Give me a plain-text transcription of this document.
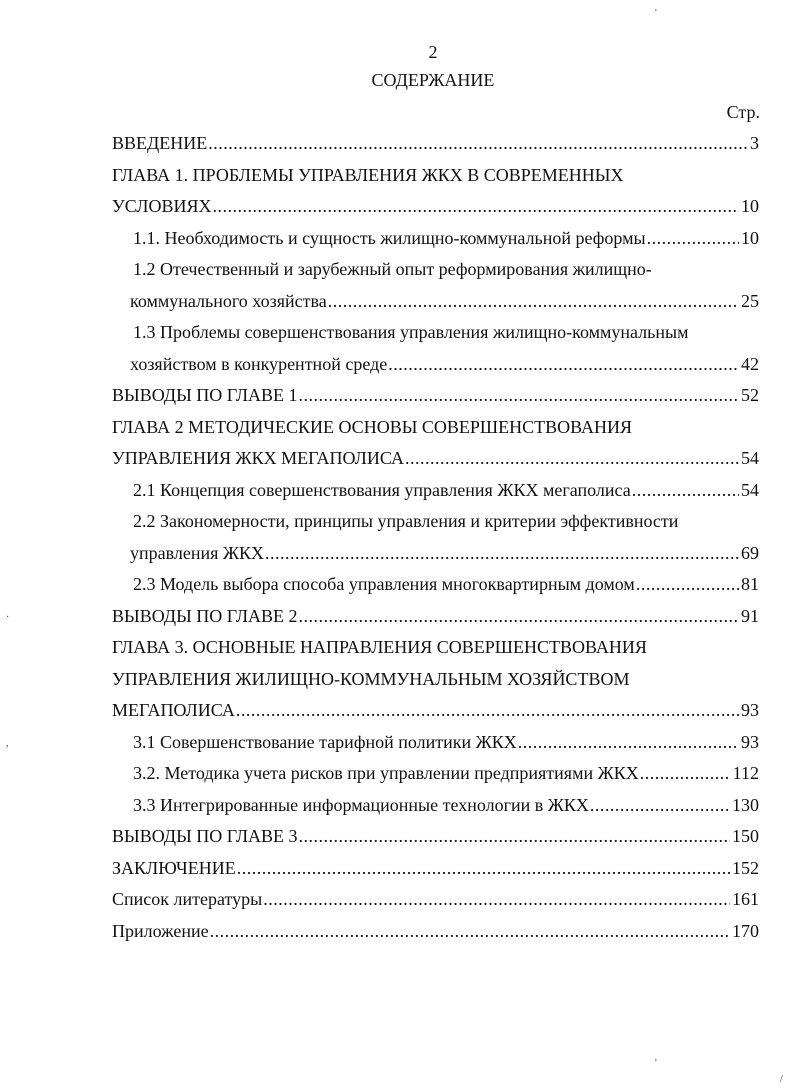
2
СОДЕРЖАНИЕ
Стр.
ВВЕДЕНИЕ .....	3
ГЛАВА 1. ПРОБЛЕМЫ УПРАВЛЕНИЯ ЖКХ В СОВРЕМЕННЫХ
УСЛОВИЯХ .....	10
1.1. Необходимость и сущность жилищно-коммунальной реформы .....	10
1.2 Отечественный и зарубежный опыт реформирования жилищно-
коммунального хозяйства .....	25
1.3 Проблемы совершенствования управления жилищно-коммунальным
хозяйством в конкурентной среде .....	42
ВЫВОДЫ ПО ГЛАВЕ 1 .....	52
ГЛАВА 2 МЕТОДИЧЕСКИЕ ОСНОВЫ СОВЕРШЕНСТВОВАНИЯ
УПРАВЛЕНИЯ ЖКХ МЕГАПОЛИСА .....	54
2.1 Концепция совершенствования управления ЖКХ мегаполиса .....	54
2.2 Закономерности, принципы управления и критерии эффективности
управления ЖКХ .....	69
2.3 Модель выбора способа управления многоквартирным домом .....	81
ВЫВОДЫ ПО ГЛАВЕ 2 .....	91
ГЛАВА 3. ОСНОВНЫЕ НАПРАВЛЕНИЯ СОВЕРШЕНСТВОВАНИЯ
УПРАВЛЕНИЯ ЖИЛИЩНО-КОММУНАЛЬНЫМ ХОЗЯЙСТВОМ
МЕГАПОЛИСА .....	93
3.1 Совершенствование тарифной политики ЖКХ .....	93
3.2. Методика учета рисков при управлении предприятиями ЖКХ .....	112
3.3 Интегрированные информационные технологии в ЖКХ .....	130
ВЫВОДЫ ПО ГЛАВЕ 3 .....	150
ЗАКЛЮЧЕНИЕ .....	152
Список литературы .....	161
Приложение .....	170
'
·
,
'
/
